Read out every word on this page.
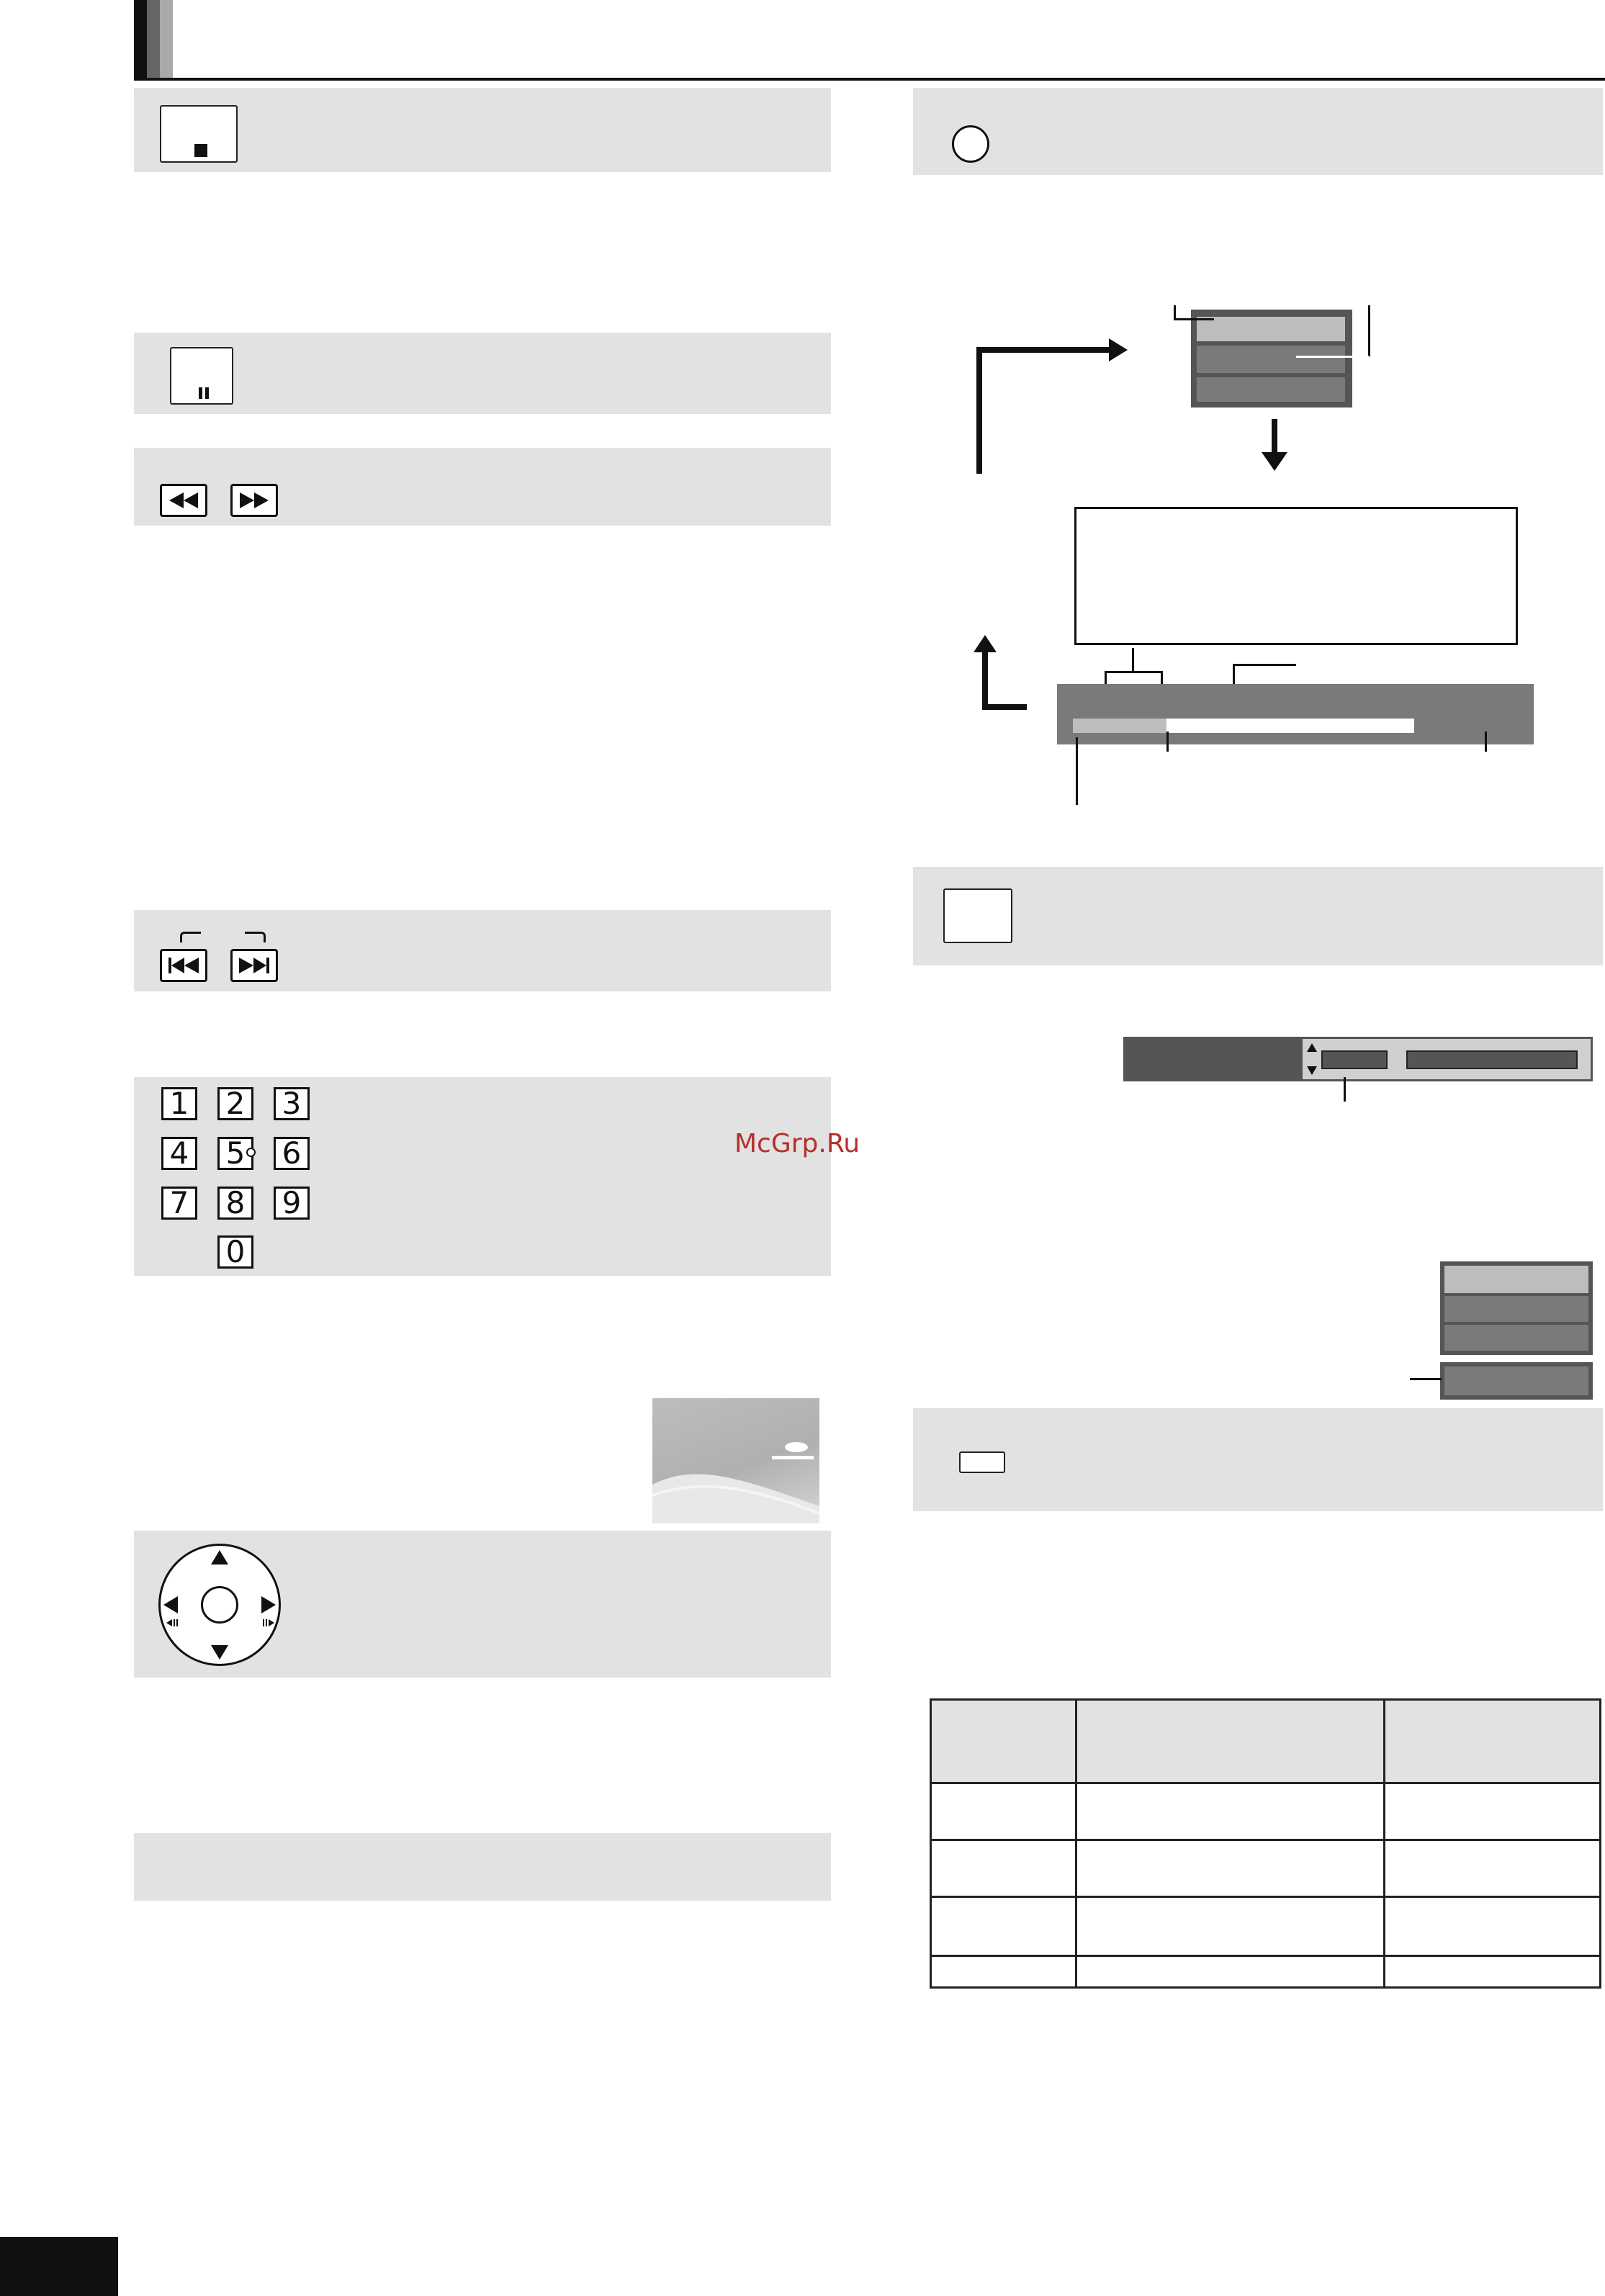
1 2 3
4 5 6
7 8 9
0
McGrp.Ru
